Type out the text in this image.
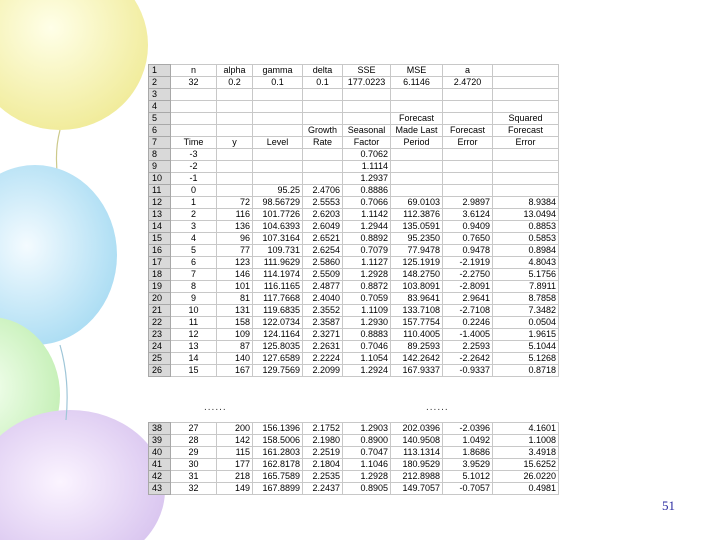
1	n	alpha	gamma	delta	SSE	MSE	a	
2	32	0.2	0.1	0.1	177.0223	6.1146	2.4720	
3								
4								
5						Forecast		Squared
6				Growth	Seasonal	Made Last	Forecast	Forecast
7	Time	y	Level	Rate	Factor	Period	Error	Error
8	-3				0.7062			
9	-2				1.1114			
10	-1				1.2937			
11	0		95.25	2.4706	0.8886			
12	1	72	98.56729	2.5553	0.7066	69.0103	2.9897	8.9384
13	2	116	101.7726	2.6203	1.1142	112.3876	3.6124	13.0494
14	3	136	104.6393	2.6049	1.2944	135.0591	0.9409	0.8853
15	4	96	107.3164	2.6521	0.8892	95.2350	0.7650	0.5853
16	5	77	109.731	2.6254	0.7079	77.9478	0.9478	0.8984
17	6	123	111.9629	2.5860	1.1127	125.1919	-2.1919	4.8043
18	7	146	114.1974	2.5509	1.2928	148.2750	-2.2750	5.1756
19	8	101	116.1165	2.4877	0.8872	103.8091	-2.8091	7.8911
20	9	81	117.7668	2.4040	0.7059	83.9641	2.9641	8.7858
21	10	131	119.6835	2.3552	1.1109	133.7108	-2.7108	7.3482
22	11	158	122.0734	2.3587	1.2930	157.7754	0.2246	0.0504
23	12	109	124.1164	2.3271	0.8883	110.4005	-1.4005	1.9615
24	13	87	125.8035	2.2631	0.7046	89.2593	2.2593	5.1044
25	14	140	127.6589	2.2224	1.1054	142.2642	-2.2642	5.1268
26	15	167	129.7569	2.2099	1.2924	167.9337	-0.9337	0.8718
......	......
38	27	200	156.1396	2.1752	1.2903	202.0396	-2.0396	4.1601
39	28	142	158.5006	2.1980	0.8900	140.9508	1.0492	1.1008
40	29	115	161.2803	2.2519	0.7047	113.1314	1.8686	3.4918
41	30	177	162.8178	2.1804	1.1046	180.9529	3.9529	15.6252
42	31	218	165.7589	2.2535	1.2928	212.8988	5.1012	26.0220
43	32	149	167.8899	2.2437	0.8905	149.7057	-0.7057	0.4981
51
